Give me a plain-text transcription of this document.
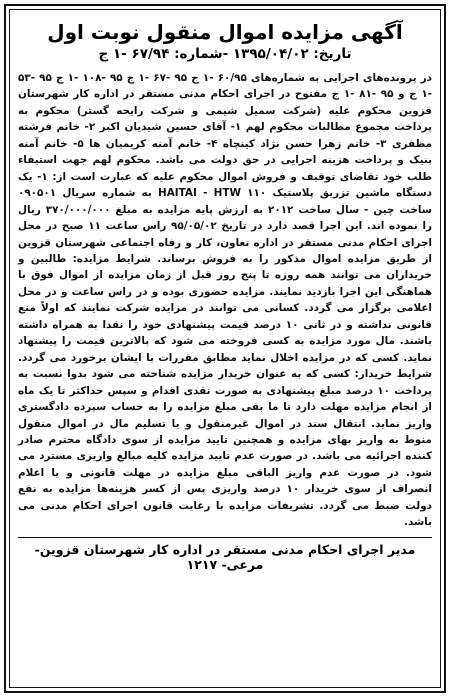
آگهی مزایده اموال منقول نوبت اول
تاریخ: ۱۳۹۵/۰۴/۰۲ -شماره: ۶۷/۹۴ -۱ ج
در پرونده‌های اجرایی به شماره‌های ۶۰/۹۵ -۱ ج ۹۵ -۶۷ -۱ ج ۹۵ -۱۰۸ -۱ ج ۹۵ -۵۳ -۱ ج و ۹۵ -۸۱ -۱ ج مفتوح در اجرای احکام مدنی مستقر در اداره کار شهرستان قزوین محکوم علیه (شرکت سمیل شیمی و شرکت رایحه گستر) محکوم به پرداخت مجموع مطالبات محکوم لهم ۱- آقای حسین شیدیان اکبر ۲- خانم فرشته مظفری ۳- خانم زهرا حسن نژاد کینچاه ۴- خانم آمنه کریمیان ها ۵- خانم آمنه بنیک و پرداخت هزینه اجرایی در حق دولت می باشد. محکوم لهم جهت استیفاء طلب خود تقاضای توقیف و فروش اموال محکوم علیه که عبارت است از: ۱- یک دستگاه ماشین تزریق پلاستیک HAITAI - HTW ۱۱۰ به شماره سریال ۰۹۰۵۰۱ ساخت چین - سال ساخت ۲۰۱۲ به ارزش پایه مزایده به مبلغ ۳۷۰/۰۰۰/۰۰۰ ریال را نموده اند. این اجرا قصد دارد در تاریخ ۹۵/۰۵/۰۲ راس ساعت ۱۱ صبح در محل اجرای احکام مدنی مستقر در اداره تعاون، کار و رفاه اجتماعی شهرستان قزوین از طریق مزایده اموال مذکور را به فروش برساند. شرایط مزایده: طالبین و خریداران می توانند همه روزه تا پنج روز قبل از زمان مزایده از اموال فوق با هماهنگی این اجرا بازدید نمایند. مزایده حضوری بوده و در راس ساعت و در محل اعلامی برگزار می گردد. کسانی می توانند در مزایده شرکت نمایند که اولاً منع قانونی نداشته و در ثانی ۱۰ درصد قیمت پیشنهادی خود را نقدا به همراه داشته باشند. مال مورد مزایده به کسی فروخته می شود که بالاترین قیمت را پیشنهاد نماید. کسی که در مزایده اخلال نماید مطابق مقررات با ایشان برخورد می گردد. شرایط خریدار: کسی که به عنوان خریدار مزایده شناخته می شود بدوا نسبت به پرداخت ۱۰ درصد مبلغ پیشنهادی به صورت نقدی اقدام و سپس حداکثر تا یک ماه از انجام مزایده مهلت دارد تا ما بقی مبلغ مزایده را به حساب سپرده دادگستری واریز نماید. انتقال سند در اموال غیرمنقول و یا تسلیم مال در اموال منقول منوط به واریز بهای مزایده و همچنین تایید مزایده از سوی دادگاه محترم صادر کننده اجرائیه می باشد. در صورت عدم تایید مزایده کلیه مبالغ واریزی مسترد می شود. در صورت عدم واریز الباقی مبلغ مزایده در مهلت قانونی و یا اعلام انصراف از سوی خریدار ۱۰ درصد واریزی پس از کسر هزینه‌ها مزایده به نفع دولت ضبط می گردد. تشریفات مزایده با رعایت قانون اجرای احکام مدنی می باشد.
مدیر اجرای احکام مدنی مستقر در اداره کار شهرستان قزوین- مرعی- ۱۲۱۷
